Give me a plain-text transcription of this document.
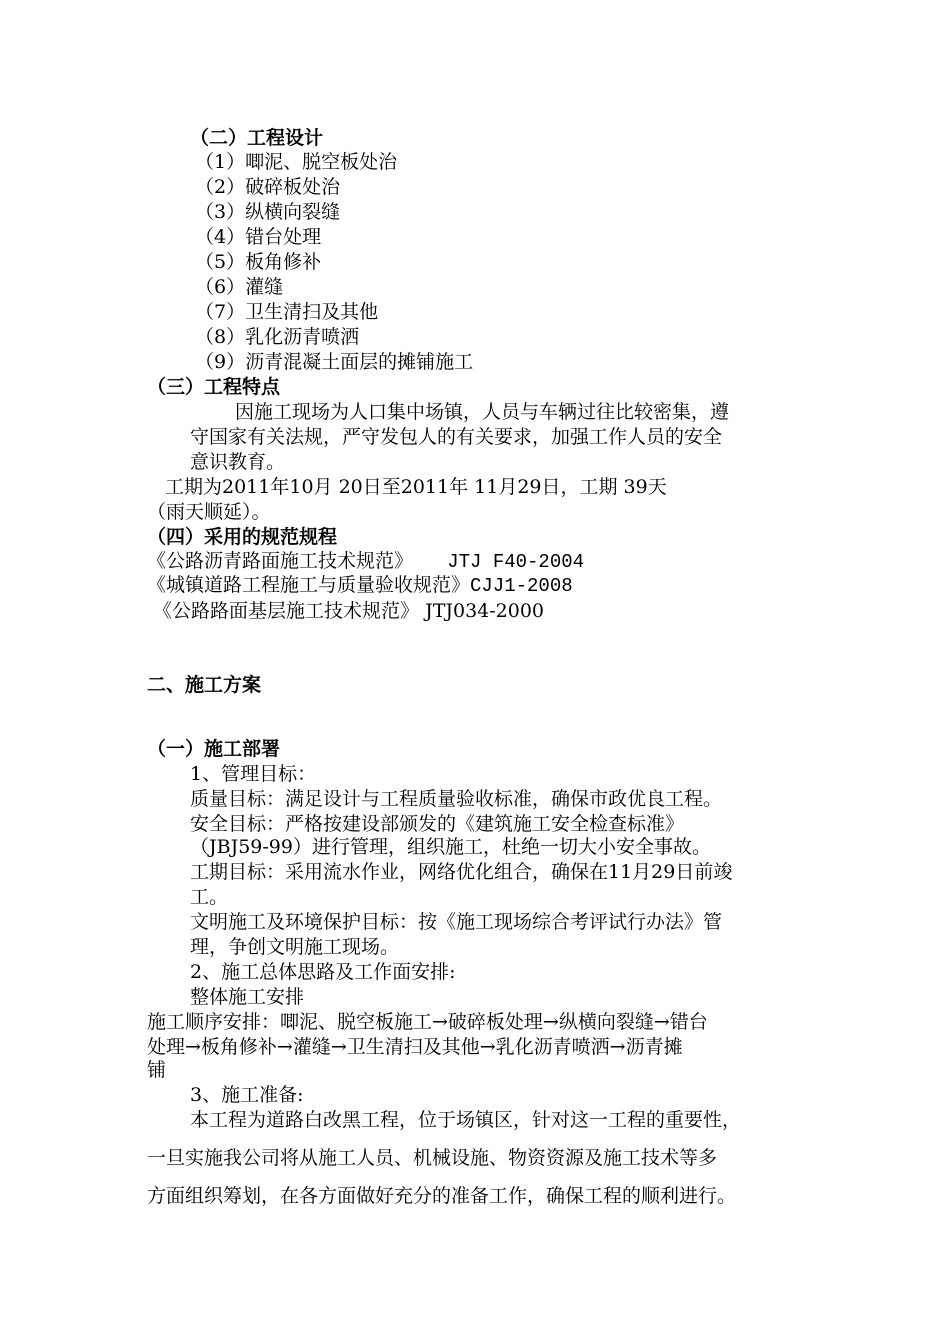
（二）工程设计
（1）唧泥、脱空板处治
（2）破碎板处治
（3）纵横向裂缝
（4）错台处理
（5）板角修补
（6）灌缝
（7）卫生清扫及其他
（8）乳化沥青喷洒
（9）沥青混凝土面层的摊铺施工
（三）工程特点
因施工现场为人口集中场镇，人员与车辆过往比较密集，遵
守国家有关法规，严守发包人的有关要求，加强工作人员的安全
意识教育。
工期为2011年10月 20日至2011年 11月29日，工期 39天
（雨天顺延）。
（四）采用的规范规程
《公路沥青路面施工技术规范》   JTJ F40-2004
《城镇道路工程施工与质量验收规范》CJJ1-2008
《公路路面基层施工技术规范》 JTJ034-2000
二、施工方案
（一）施工部署
1、管理目标：
质量目标：满足设计与工程质量验收标准，确保市政优良工程。
安全目标：严格按建设部颁发的《建筑施工安全检查标准》
（JBJ59-99）进行管理，组织施工，杜绝一切大小安全事故。
工期目标：采用流水作业，网络优化组合，确保在11月29日前竣
工。
文明施工及环境保护目标：按《施工现场综合考评试行办法》管
理，争创文明施工现场。
2、施工总体思路及工作面安排:
整体施工安排
施工顺序安排：唧泥、脱空板施工→破碎板处理→纵横向裂缝→错台
处理→板角修补→灌缝→卫生清扫及其他→乳化沥青喷洒→沥青摊
铺
3、施工准备:
本工程为道路白改黑工程，位于场镇区，针对这一工程的重要性，
一旦实施我公司将从施工人员、机械设施、物资资源及施工技术等多
方面组织筹划，在各方面做好充分的准备工作，确保工程的顺利进行。
